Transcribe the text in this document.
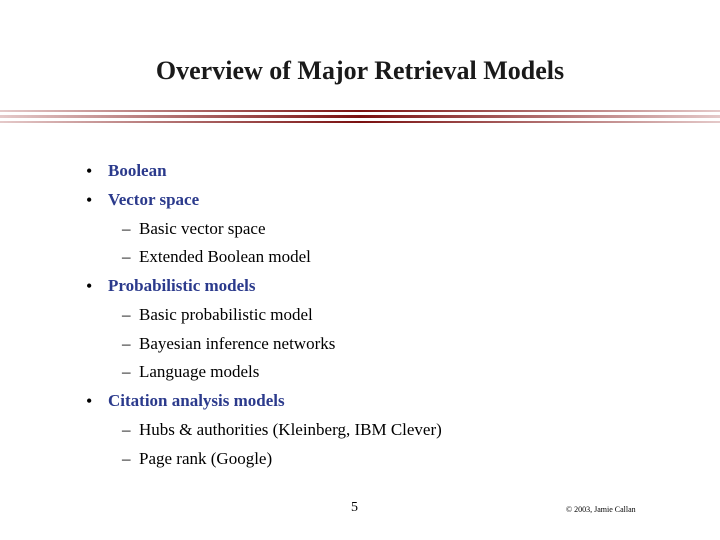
Overview of Major Retrieval Models
• Boolean
• Vector space
– Basic vector space
– Extended Boolean model
• Probabilistic models
– Basic probabilistic model
– Bayesian inference networks
– Language models
• Citation analysis models
– Hubs & authorities (Kleinberg, IBM Clever)
– Page rank (Google)
5	© 2003, Jamie Callan
